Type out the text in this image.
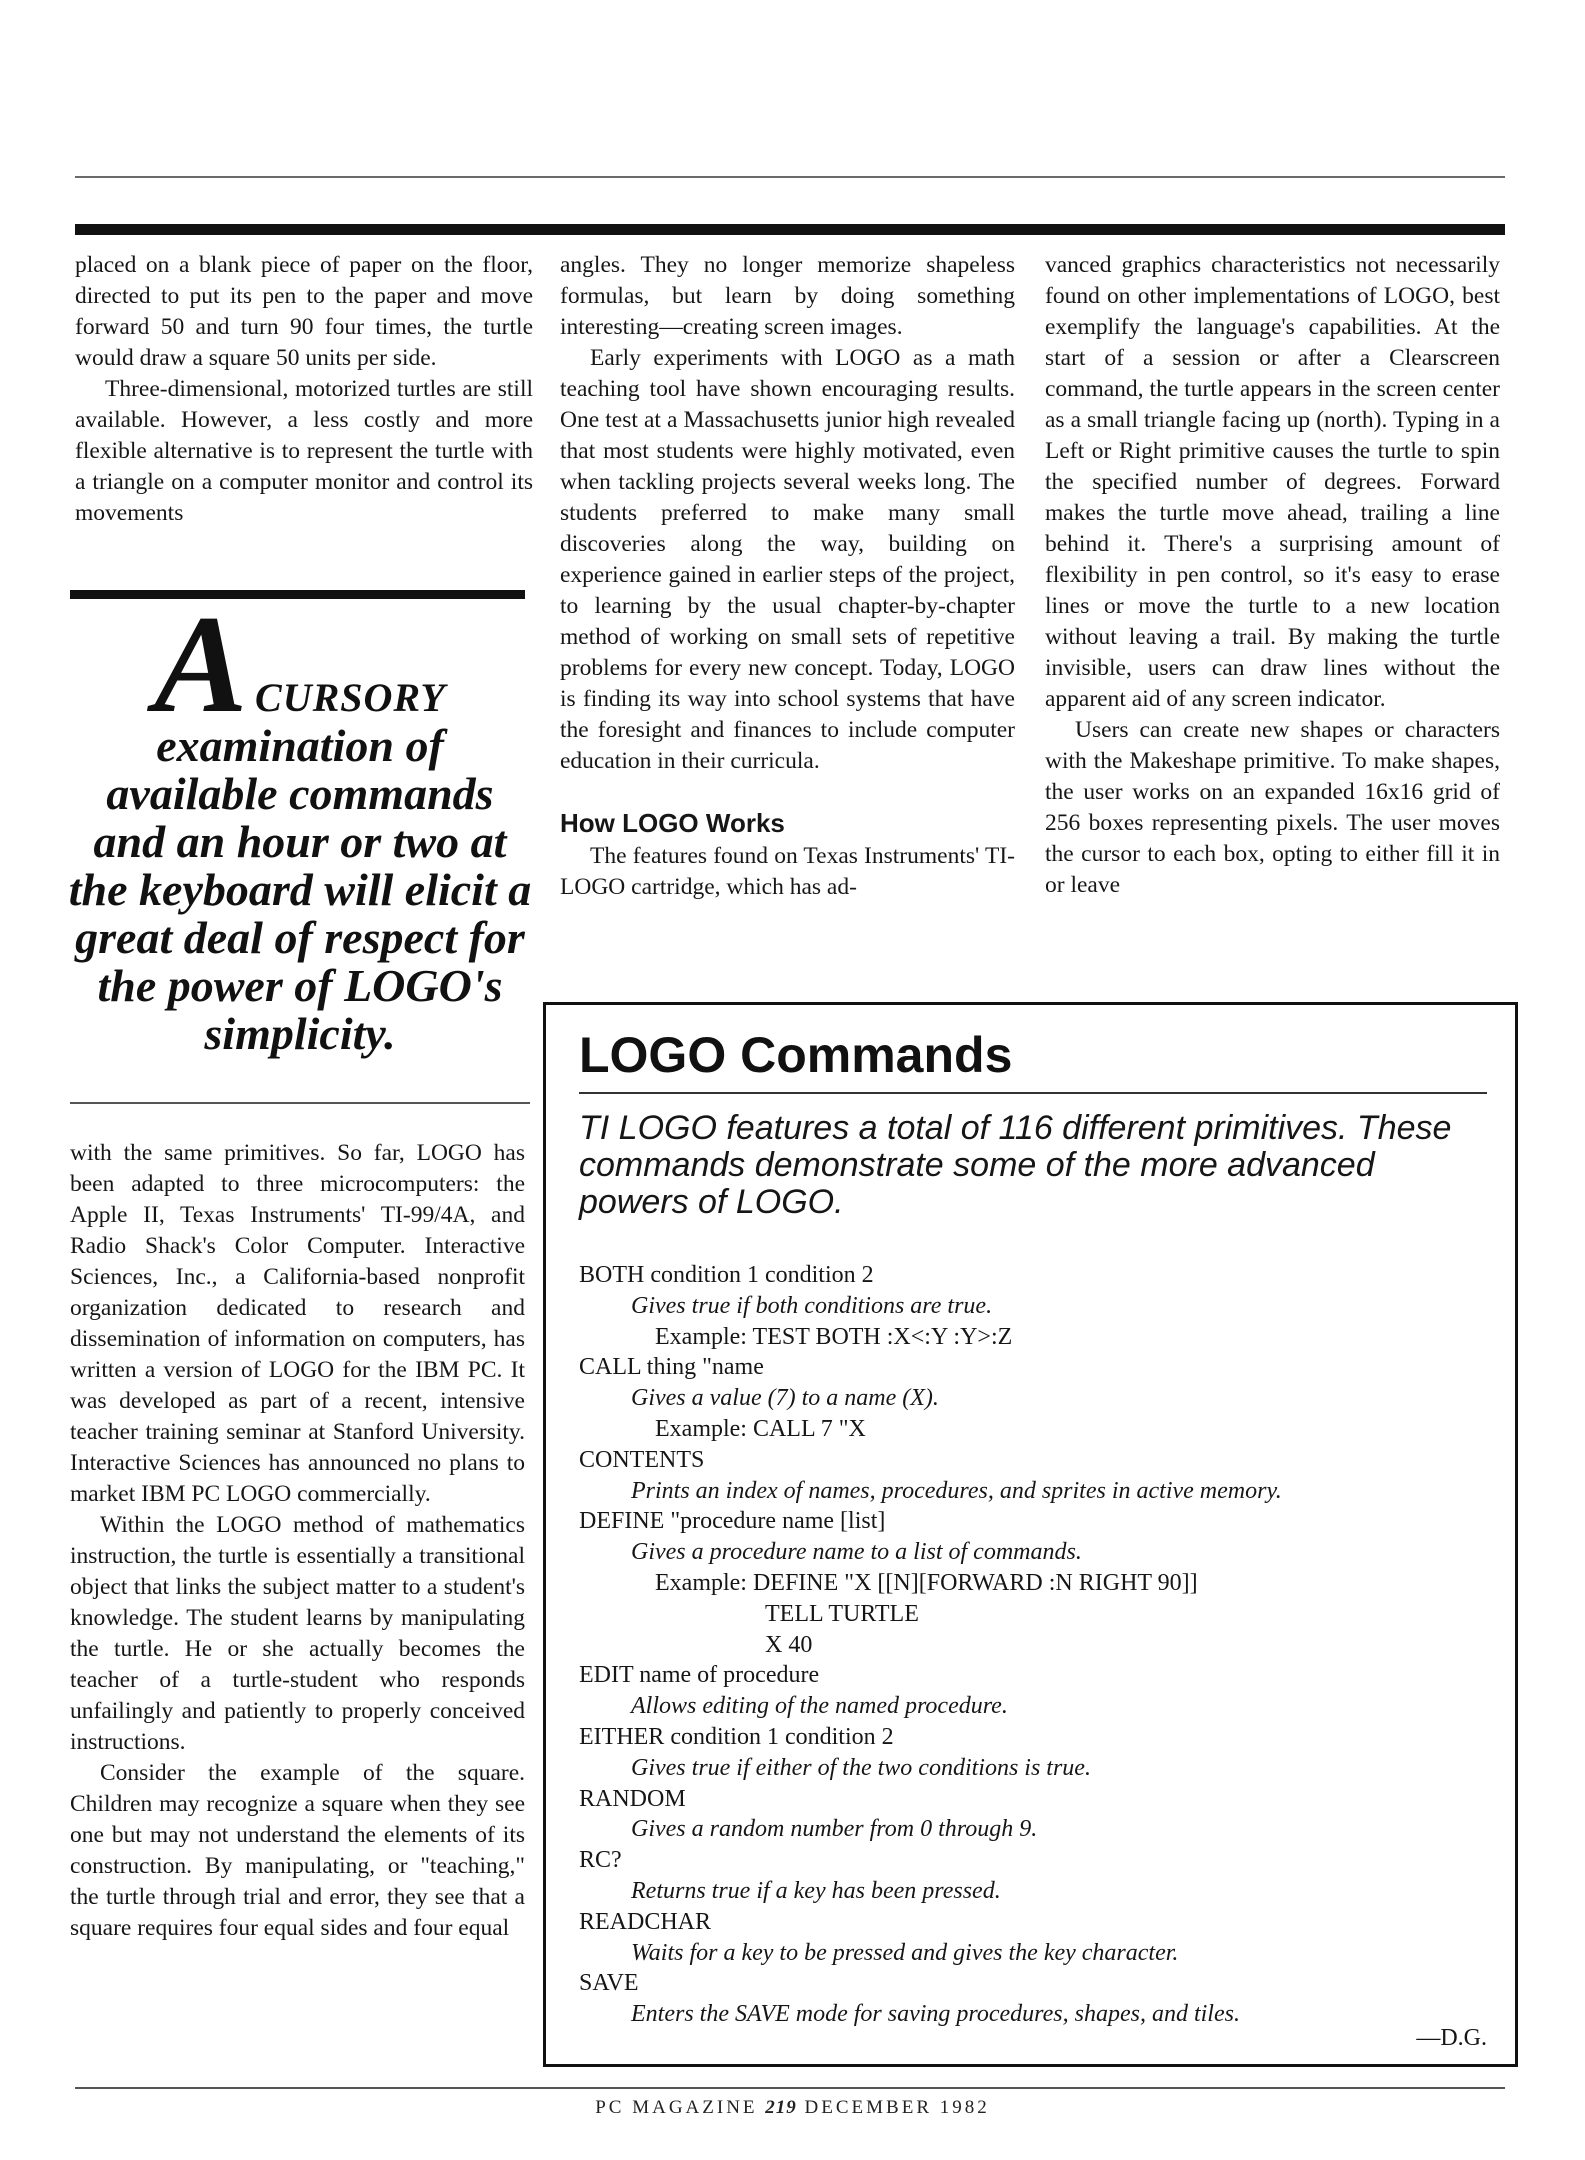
placed on a blank piece of paper on the floor, directed to put its pen to the paper and move forward 50 and turn 90 four times, the turtle would draw a square 50 units per side.

Three-dimensional, motorized turtles are still available. However, a less costly and more flexible alternative is to represent the turtle with a triangle on a computer monitor and control its movements

A CURSORY
examination of available commands and an hour or two at the keyboard will elicit a great deal of respect for the power of LOGO's simplicity.

with the same primitives. So far, LOGO has been adapted to three microcomputers: the Apple II, Texas Instruments' TI-99/4A, and Radio Shack's Color Computer. Interactive Sciences, Inc., a California-based nonprofit organization dedicated to research and dissemination of information on computers, has written a version of LOGO for the IBM PC. It was developed as part of a recent, intensive teacher training seminar at Stanford University. Interactive Sciences has announced no plans to market IBM PC LOGO commercially.

Within the LOGO method of mathematics instruction, the turtle is essentially a transitional object that links the subject matter to a student's knowledge. The student learns by manipulating the turtle. He or she actually becomes the teacher of a turtle-student who responds unfailingly and patiently to properly conceived instructions.

Consider the example of the square. Children may recognize a square when they see one but may not understand the elements of its construction. By manipulating, or "teaching," the turtle through trial and error, they see that a square requires four equal sides and four equal

angles. They no longer memorize shapeless formulas, but learn by doing something interesting—creating screen images.

Early experiments with LOGO as a math teaching tool have shown encouraging results. One test at a Massachusetts junior high revealed that most students were highly motivated, even when tackling projects several weeks long. The students preferred to make many small discoveries along the way, building on experience gained in earlier steps of the project, to learning by the usual chapter-by-chapter method of working on small sets of repetitive problems for every new concept. Today, LOGO is finding its way into school systems that have the foresight and finances to include computer education in their curricula.

How LOGO Works

The features found on Texas Instruments' TI-LOGO cartridge, which has ad-

vanced graphics characteristics not necessarily found on other implementations of LOGO, best exemplify the language's capabilities. At the start of a session or after a Clearscreen command, the turtle appears in the screen center as a small triangle facing up (north). Typing in a Left or Right primitive causes the turtle to spin the specified number of degrees. Forward makes the turtle move ahead, trailing a line behind it. There's a surprising amount of flexibility in pen control, so it's easy to erase lines or move the turtle to a new location without leaving a trail. By making the turtle invisible, users can draw lines without the apparent aid of any screen indicator.

Users can create new shapes or characters with the Makeshape primitive. To make shapes, the user works on an expanded 16x16 grid of 256 boxes representing pixels. The user moves the cursor to each box, opting to either fill it in or leave

LOGO Commands
TI LOGO features a total of 116 different primitives. These commands demonstrate some of the more advanced powers of LOGO.

BOTH condition 1 condition 2

Gives true if both conditions are true.

Example: TEST BOTH :X<:Y :Y>:Z

CALL thing "name

Gives a value (7) to a name (X).

Example: CALL 7 "X

CONTENTS

Prints an index of names, procedures, and sprites in active memory.

DEFINE "procedure name [list]

Gives a procedure name to a list of commands.

Example: DEFINE "X [[N][FORWARD :N RIGHT 90]]

TELL TURTLE

X 40

EDIT name of procedure

Allows editing of the named procedure.

EITHER condition 1 condition 2

Gives true if either of the two conditions is true.

RANDOM

Gives a random number from 0 through 9.

RC?

Returns true if a key has been pressed.

READCHAR

Waits for a key to be pressed and gives the key character.

SAVE

Enters the SAVE mode for saving procedures, shapes, and tiles.

—D.G.
PC MAGAZINE 219 DECEMBER 1982
